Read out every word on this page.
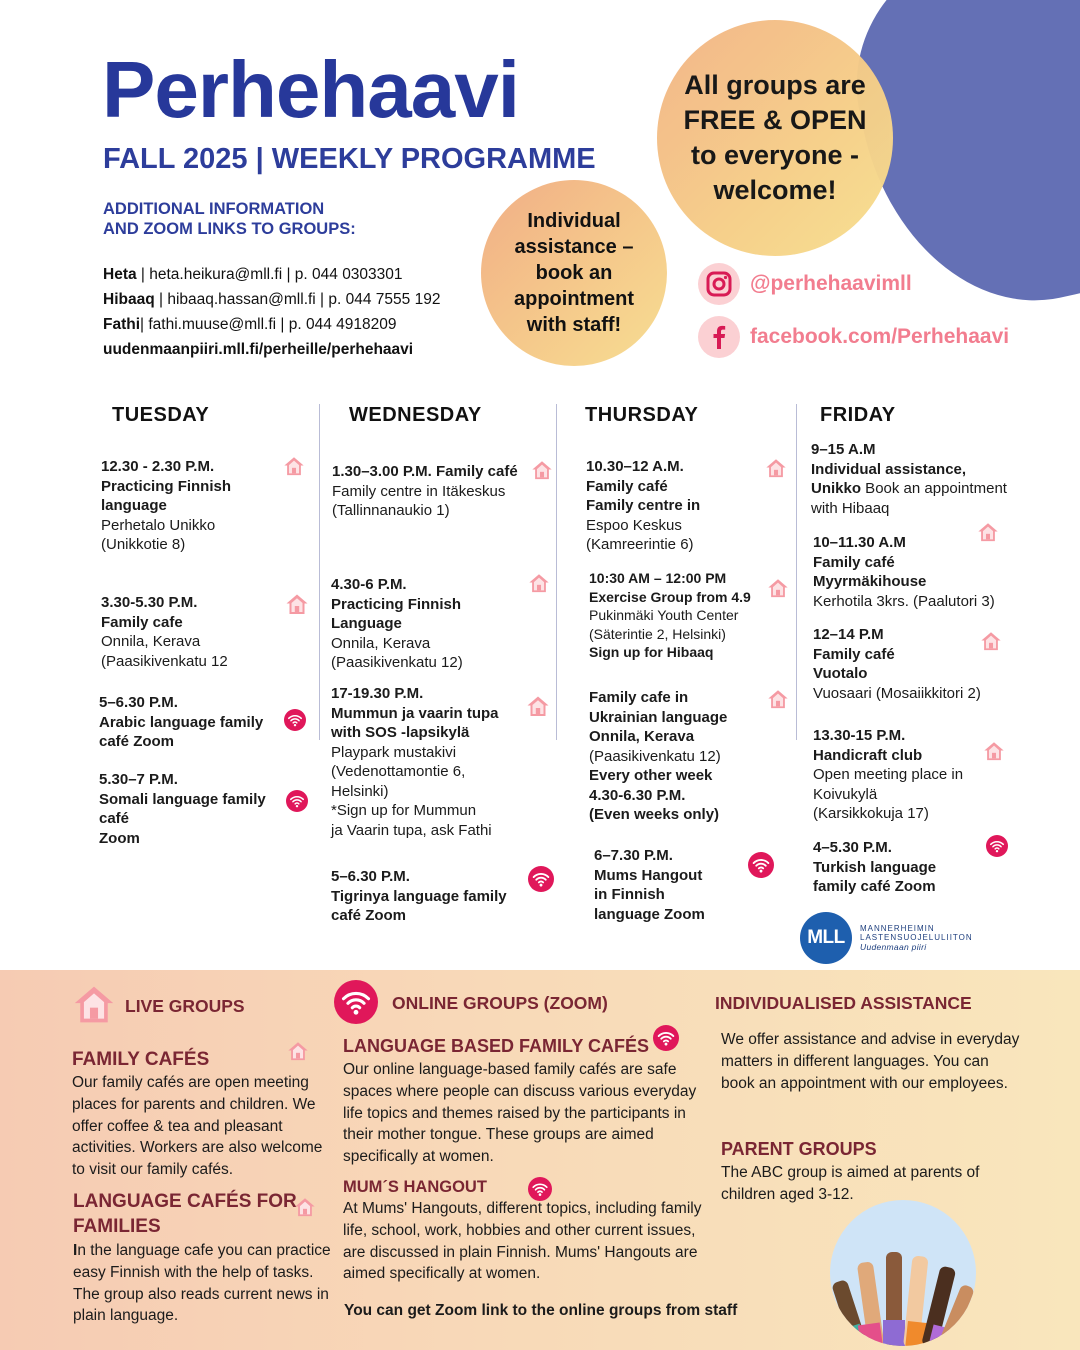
All groups are FREE & OPEN to everyone - welcome!
Individual assistance – book an appointment with staff!
Perhehaavi
FALL 2025 | WEEKLY PROGRAMME
ADDITIONAL INFORMATION
AND ZOOM LINKS TO GROUPS:
Heta | heta.heikura@mll.fi | p. 044 0303301
Hibaaq | hibaaq.hassan@mll.fi | p. 044 7555 192
Fathi| fathi.muuse@mll.fi | p. 044 4918209
uudenmaanpiiri.mll.fi/perheille/perhehaavi
@perhehaavimll
facebook.com/Perhehaavi
TUESDAY	WEDNESDAY	THURSDAY	FRIDAY
12.30 - 2.30 P.M.
Practicing Finnish language
Perhetalo Unikko
(Unikkotie 8)
3.30-5.30 P.M.
Family cafe
Onnila, Kerava
(Paasikivenkatu 12
5–6.30 P.M.
Arabic language family café Zoom
5.30–7 P.M.
Somali language family café
Zoom
1.30–3.00 P.M. Family café
Family centre in Itäkeskus
(Tallinnanaukio 1)
4.30-6 P.M.
Practicing Finnish Language
Onnila, Kerava
(Paasikivenkatu 12)
17-19.30 P.M.
Mummun ja vaarin tupa with SOS -lapsikylä
Playpark mustakivi
(Vedenottamontie 6,
Helsinki)
*Sign up for Mummun
ja Vaarin tupa, ask Fathi
5–6.30 P.M.
Tigrinya language family café Zoom
10.30–12 A.M.
Family café
Family centre in
Espoo Keskus
(Kamreerintie 6)
10:30 AM – 12:00 PM
Exercise Group from 4.9
Pukinmäki Youth Center
(Säterintie 2, Helsinki)
Sign up for Hibaaq
Family cafe in
Ukrainian language
Onnila, Kerava
(Paasikivenkatu 12)
Every other week
4.30-6.30 P.M.
(Even weeks only)
6–7.30 P.M.
Mums Hangout
in Finnish
language Zoom
9–15 A.M
Individual assistance,
Unikko Book an appointment with Hibaaq
10–11.30 A.M
Family café
Myyrmäkihouse
Kerhotila 3krs. (Paalutori 3)
12–14 P.M
Family café
Vuotalo
Vuosaari (Mosaiikkitori 2)
13.30-15 P.M.
Handicraft club
Open meeting place in
Koivukylä
(Karsikkokuja 17)
4–5.30 P.M.
Turkish language
family café Zoom
MLL	MANNERHEIMIN
LASTENSUOJELULIITON
Uudenmaan piiri
LIVE GROUPS	ONLINE GROUPS (ZOOM)	INDIVIDUALISED ASSISTANCE
FAMILY CAFÉS
Our family cafés are open meeting places for parents and children. We offer coffee & tea and pleasant activities. Workers are also welcome to visit our family cafés.
LANGUAGE CAFÉS FOR FAMILIES
In the language cafe you can practice easy Finnish with the help of tasks. The group also reads current news in plain language.
LANGUAGE BASED FAMILY CAFÉS
Our online language-based family cafés are safe spaces where people can discuss various everyday life topics and themes raised by the participants in their mother tongue. These groups are aimed specifically at women.
MUM´S HANGOUT
At Mums' Hangouts, different topics, including family life, school, work, hobbies and other current issues, are discussed in plain Finnish. Mums' Hangouts are aimed specifically at women.
You can get Zoom link to the online groups from staff
We offer assistance and advise in everyday matters in different languages. You can book an appointment with our employees.
PARENT GROUPS
The ABC group is aimed at parents of children aged 3-12.
